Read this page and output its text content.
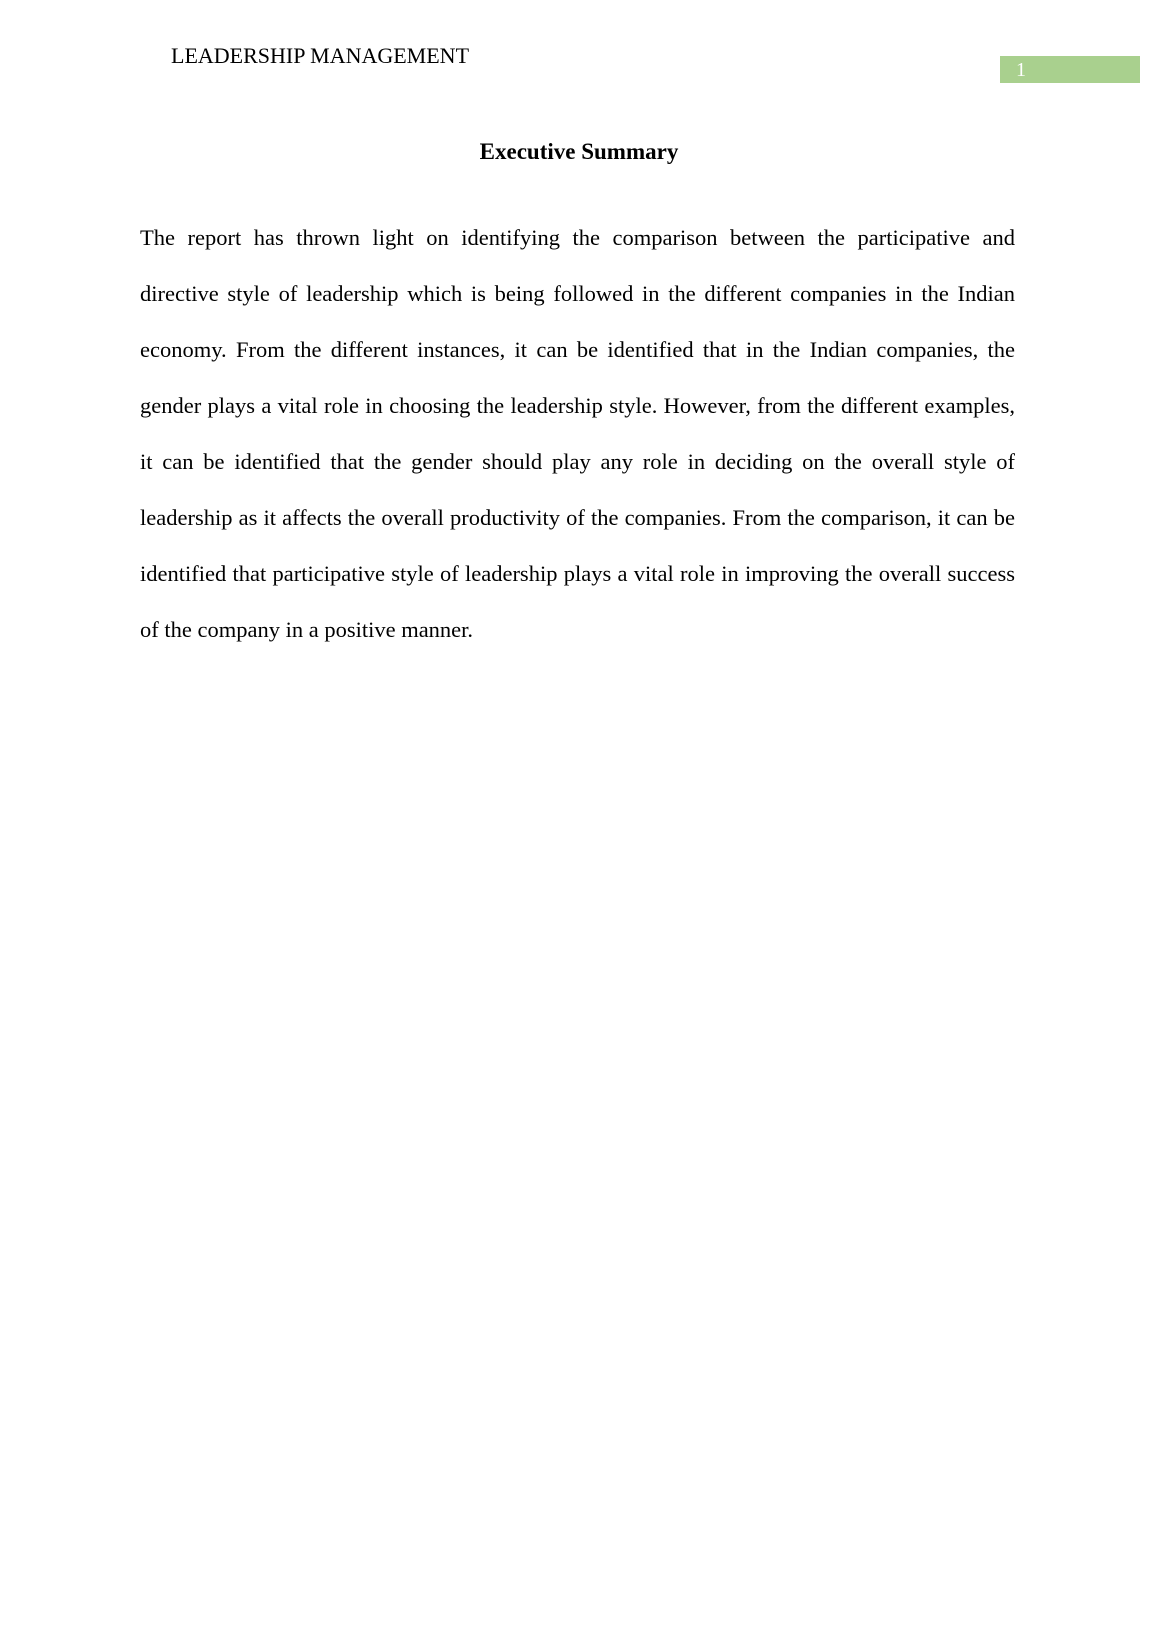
LEADERSHIP MANAGEMENT
1
Executive Summary

The report has thrown light on identifying the comparison between the participative and directive style of leadership which is being followed in the different companies in the Indian economy. From the different instances, it can be identified that in the Indian companies, the gender plays a vital role in choosing the leadership style. However, from the different examples, it can be identified that the gender should play any role in deciding on the overall style of leadership as it affects the overall productivity of the companies. From the comparison, it can be identified that participative style of leadership plays a vital role in improving the overall success of the company in a positive manner.
